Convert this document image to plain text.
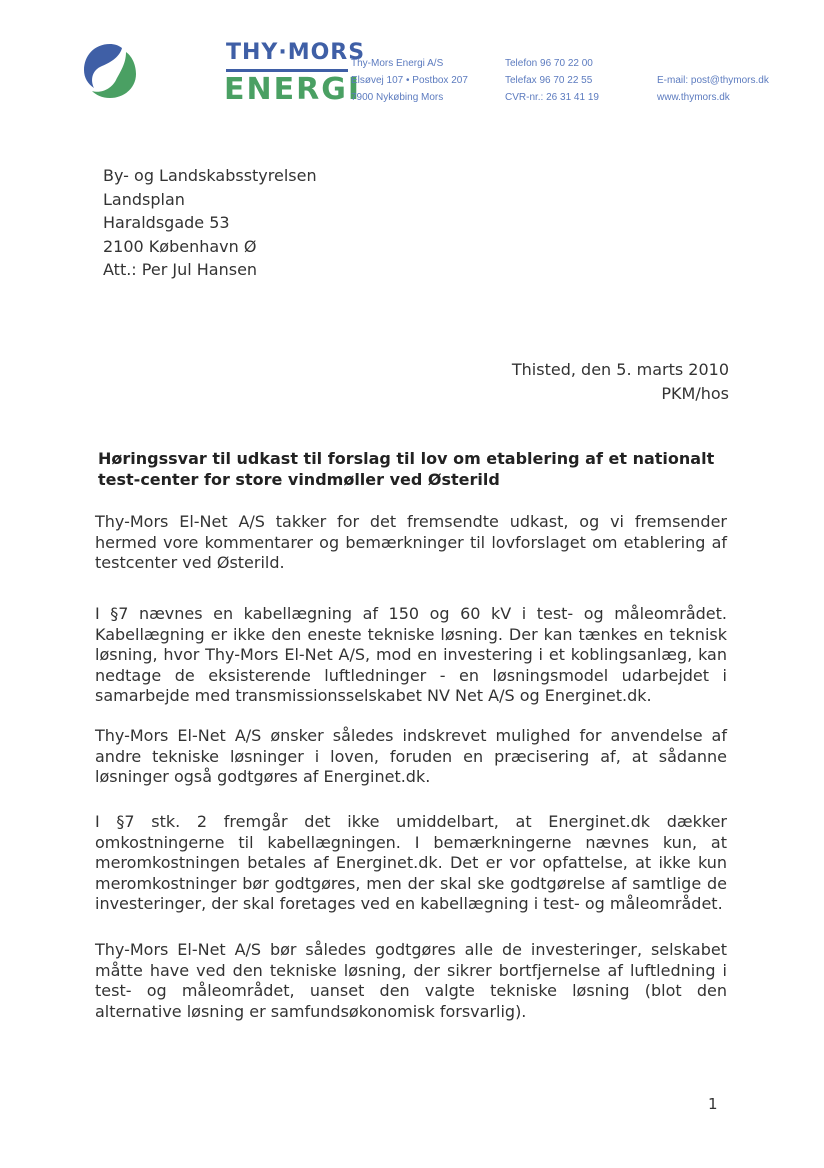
THY·MORS
ENERGI
Thy-Mors Energi A/S
Elsøvej 107 • Postbox 207
7900 Nykøbing Mors
Telefon 96 70 22 00
Telefax 96 70 22 55
CVR-nr.: 26 31 41 19
E-mail: post@thymors.dk
www.thymors.dk
By- og Landskabsstyrelsen
Landsplan
Haraldsgade 53
2100 København Ø
Att.: Per Jul Hansen
Thisted, den 5. marts 2010
PKM/hos
Høringssvar til udkast til forslag til lov om etablering af et nationalt test-center for store vindmøller ved Østerild

Thy-Mors El-Net A/S takker for det fremsendte udkast, og vi fremsender hermed vore kommentarer og bemærkninger til lovforslaget om etablering af testcenter ved Østerild.

I §7 nævnes en kabellægning af 150 og 60 kV i test- og måleområdet. Kabellægning er ikke den eneste tekniske løsning. Der kan tænkes en teknisk løsning, hvor Thy-Mors El-Net A/S, mod en investering i et koblingsanlæg, kan nedtage de eksisterende luftledninger - en løsningsmodel udarbejdet i samarbejde med transmissionsselskabet NV Net A/S og Energinet.dk.

Thy-Mors El-Net A/S ønsker således indskrevet mulighed for anvendelse af andre tekniske løsninger i loven, foruden en præcisering af, at sådanne løsninger også godtgøres af Energinet.dk.

I §7 stk. 2 fremgår det ikke umiddelbart, at Energinet.dk dækker omkostningerne til kabellægningen. I bemærkningerne nævnes kun, at meromkostningen betales af Energinet.dk. Det er vor opfattelse, at ikke kun meromkostninger bør godtgøres, men der skal ske godtgørelse af samtlige de investeringer, der skal foretages ved en kabellægning i test- og måleområdet.

Thy-Mors El-Net A/S bør således godtgøres alle de investeringer, selskabet måtte have ved den tekniske løsning, der sikrer bortfjernelse af luftledning i test- og måleområdet, uanset den valgte tekniske løsning (blot den alternative løsning er samfundsøkonomisk forsvarlig).

1
